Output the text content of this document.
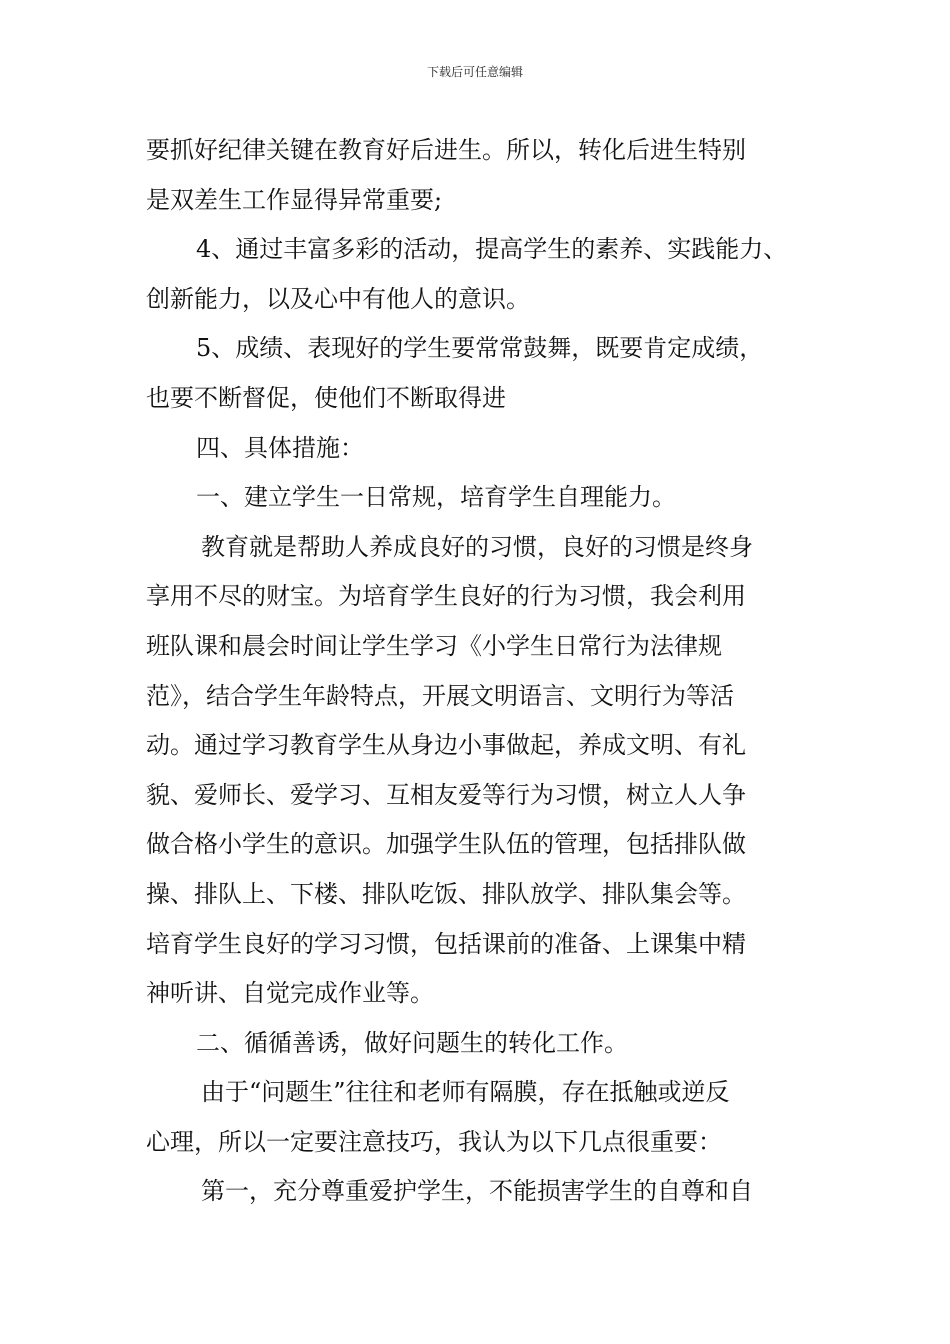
下载后可任意编辑
要抓好纪律关键在教育好后进生。所以，转化后进生特别
是双差生工作显得异常重要;
4、通过丰富多彩的活动，提高学生的素养、实践能力、
创新能力，以及心中有他人的意识。
5、成绩、表现好的学生要常常鼓舞，既要肯定成绩，
也要不断督促，使他们不断取得进
四、具体措施：
一、建立学生一日常规，培育学生自理能力。
教育就是帮助人养成良好的习惯，良好的习惯是终身
享用不尽的财宝。为培育学生良好的行为习惯，我会利用
班队课和晨会时间让学生学习《小学生日常行为法律规
范》，结合学生年龄特点，开展文明语言、文明行为等活
动。通过学习教育学生从身边小事做起，养成文明、有礼
貌、爱师长、爱学习、互相友爱等行为习惯，树立人人争
做合格小学生的意识。加强学生队伍的管理，包括排队做
操、排队上、下楼、排队吃饭、排队放学、排队集会等。
培育学生良好的学习习惯，包括课前的准备、上课集中精
神听讲、自觉完成作业等。
二、循循善诱，做好问题生的转化工作。
由于“问题生”往往和老师有隔膜，存在抵触或逆反
心理，所以一定要注意技巧，我认为以下几点很重要：
第一，充分尊重爱护学生，不能损害学生的自尊和自
